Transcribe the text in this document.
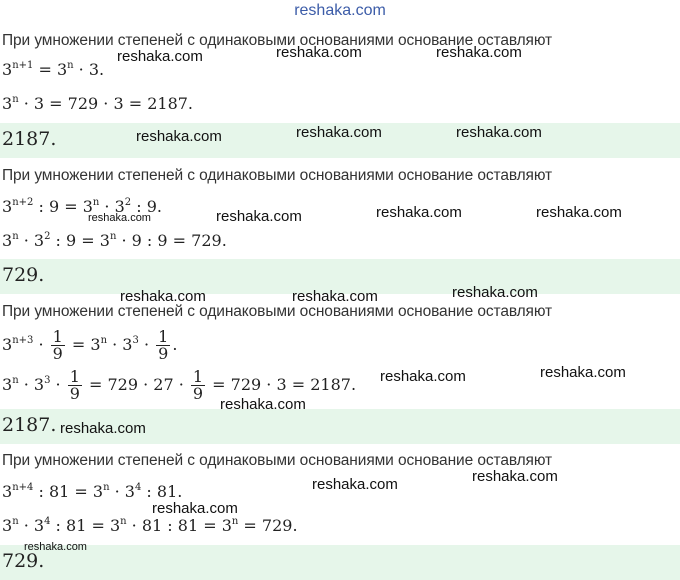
reshaka.com
При умножении степеней с одинаковыми основаниями основание оставляют
$3^{n+1} = 3^n \cdot 3$.
$3^n \cdot 3 = 729 \cdot 3 = 2187$.
2187.
При умножении степеней с одинаковыми основаниями основание оставляют
$3^{n+2}$ : $9 = 3^n \cdot 3^2$ : 9.
$3^n \cdot 3^2$ : $9 = 3^n \cdot 9$ : 9 = 729.
729.
При умножении степеней с одинаковыми основаниями основание оставляют
$3^{n+3} \cdot \frac{1}{9} = 3^n \cdot 3^3 \cdot \frac{1}{9}$ .
$3^n \cdot 3^3 \cdot \frac{1}{9} = 729 \cdot 27 \cdot \frac{1}{9} = 729 \cdot 3 = 2187$.
2187.
При умножении степеней с одинаковыми основаниями основание оставляют
$3^{n+4}$ : $81 = 3^n \cdot 3^4$ : 81.
$3^n \cdot 3^4$ : $81 = 3^n \cdot 81$ : $81 = 3^n = 729$.
729.
reshaka.com	reshaka.com	reshaka.com
reshaka.com	reshaka.com	reshaka.com
reshaka.com	reshaka.com	reshaka.com	reshaka.com
reshaka.com	reshaka.com	reshaka.com
reshaka.com	reshaka.com
reshaka.com
reshaka.com
reshaka.com	reshaka.com
reshaka.com
reshaka.com
